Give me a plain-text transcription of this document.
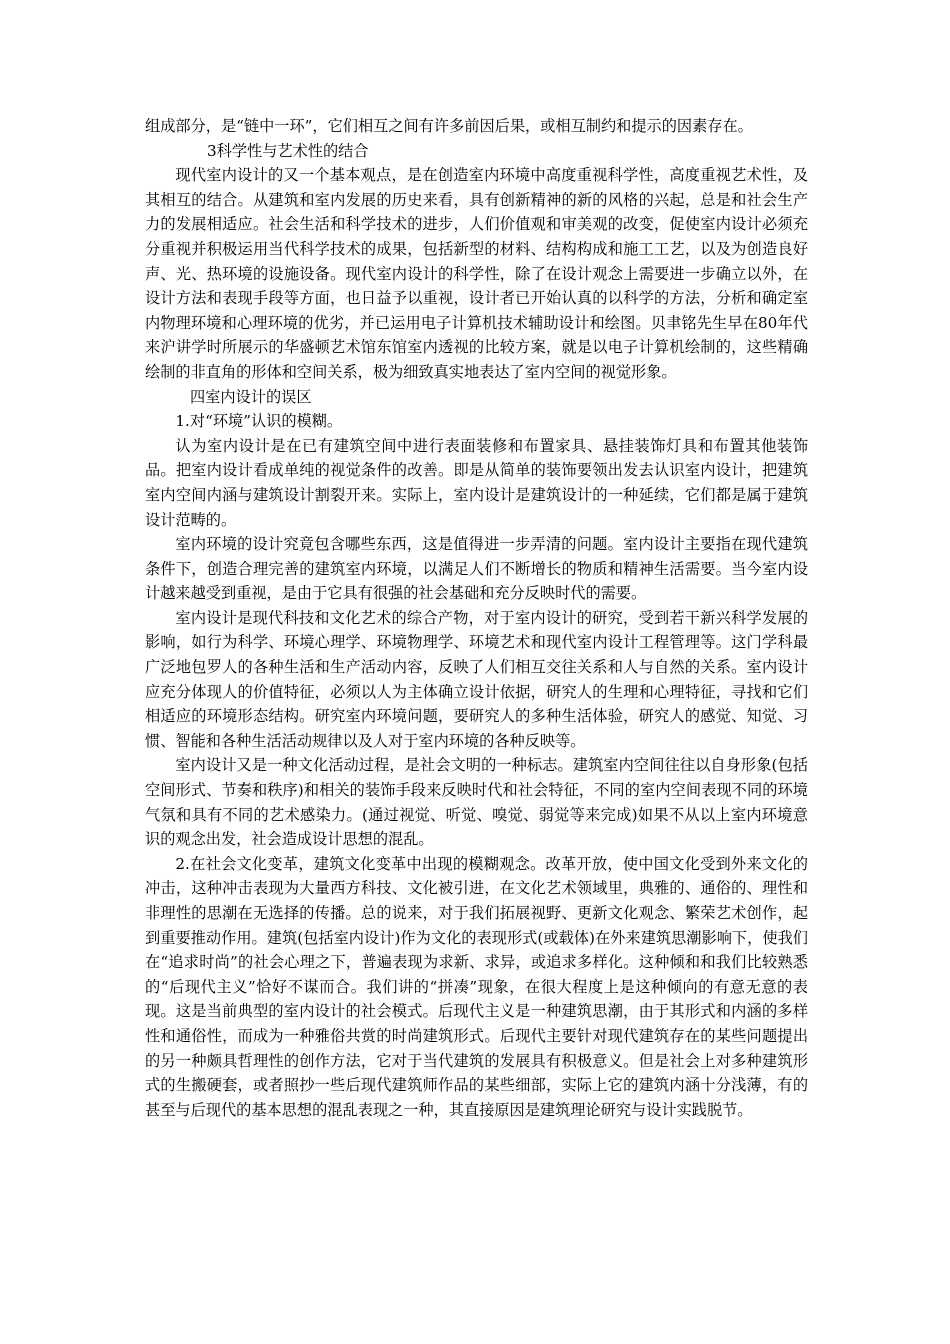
组成部分，是“链中一环”，它们相互之间有许多前因后果，或相互制约和提示的因素存在。

3科学性与艺术性的结合

现代室内设计的又一个基本观点，是在创造室内环境中高度重视科学性，高度重视艺术性，及其相互的结合。从建筑和室内发展的历史来看，具有创新精神的新的风格的兴起，总是和社会生产力的发展相适应。社会生活和科学技术的进步，人们价值观和审美观的改变，促使室内设计必须充分重视并积极运用当代科学技术的成果，包括新型的材料、结构构成和施工工艺，以及为创造良好声、光、热环境的设施设备。现代室内设计的科学性，除了在设计观念上需要进一步确立以外，在设计方法和表现手段等方面，也日益予以重视，设计者已开始认真的以科学的方法，分析和确定室内物理环境和心理环境的优劣，并已运用电子计算机技术辅助设计和绘图。贝聿铭先生早在80年代来沪讲学时所展示的华盛顿艺术馆东馆室内透视的比较方案，就是以电子计算机绘制的，这些精确绘制的非直角的形体和空间关系，极为细致真实地表达了室内空间的视觉形象。

四室内设计的误区

1.对“环境”认识的模糊。

认为室内设计是在已有建筑空间中进行表面装修和布置家具、悬挂装饰灯具和布置其他装饰品。把室内设计看成单纯的视觉条件的改善。即是从简单的装饰要领出发去认识室内设计，把建筑室内空间内涵与建筑设计割裂开来。实际上，室内设计是建筑设计的一种延续，它们都是属于建筑设计范畴的。

室内环境的设计究竟包含哪些东西，这是值得进一步弄清的问题。室内设计主要指在现代建筑条件下，创造合理完善的建筑室内环境，以满足人们不断增长的物质和精神生活需要。当今室内设计越来越受到重视，是由于它具有很强的社会基础和充分反映时代的需要。

室内设计是现代科技和文化艺术的综合产物，对于室内设计的研究，受到若干新兴科学发展的影响，如行为科学、环境心理学、环境物理学、环境艺术和现代室内设计工程管理等。这门学科最广泛地包罗人的各种生活和生产活动内容，反映了人们相互交往关系和人与自然的关系。室内设计应充分体现人的价值特征，必须以人为主体确立设计依据，研究人的生理和心理特征，寻找和它们相适应的环境形态结构。研究室内环境问题，要研究人的多种生活体验，研究人的感觉、知觉、习惯、智能和各种生活活动规律以及人对于室内环境的各种反映等。

室内设计又是一种文化活动过程，是社会文明的一种标志。建筑室内空间往往以自身形象(包括空间形式、节奏和秩序)和相关的装饰手段来反映时代和社会特征，不同的室内空间表现不同的环境气氛和具有不同的艺术感染力。(通过视觉、听觉、嗅觉、弱觉等来完成)如果不从以上室内环境意识的观念出发，社会造成设计思想的混乱。

2.在社会文化变革，建筑文化变革中出现的模糊观念。改革开放，使中国文化受到外来文化的冲击，这种冲击表现为大量西方科技、文化被引进，在文化艺术领域里，典雅的、通俗的、理性和非理性的思潮在无选择的传播。总的说来，对于我们拓展视野、更新文化观念、繁荣艺术创作，起到重要推动作用。建筑(包括室内设计)作为文化的表现形式(或载体)在外来建筑思潮影响下，使我们在“追求时尚”的社会心理之下，普遍表现为求新、求异，或追求多样化。这种倾和和我们比较熟悉的“后现代主义”恰好不谋而合。我们讲的“拼凑”现象，在很大程度上是这种倾向的有意无意的表现。这是当前典型的室内设计的社会模式。后现代主义是一种建筑思潮，由于其形式和内涵的多样性和通俗性，而成为一种雅俗共赏的时尚建筑形式。后现代主要针对现代建筑存在的某些问题提出的另一种颇具哲理性的创作方法，它对于当代建筑的发展具有积极意义。但是社会上对多种建筑形式的生搬硬套，或者照抄一些后现代建筑师作品的某些细部，实际上它的建筑内涵十分浅薄，有的甚至与后现代的基本思想的混乱表现之一种，其直接原因是建筑理论研究与设计实践脱节。
